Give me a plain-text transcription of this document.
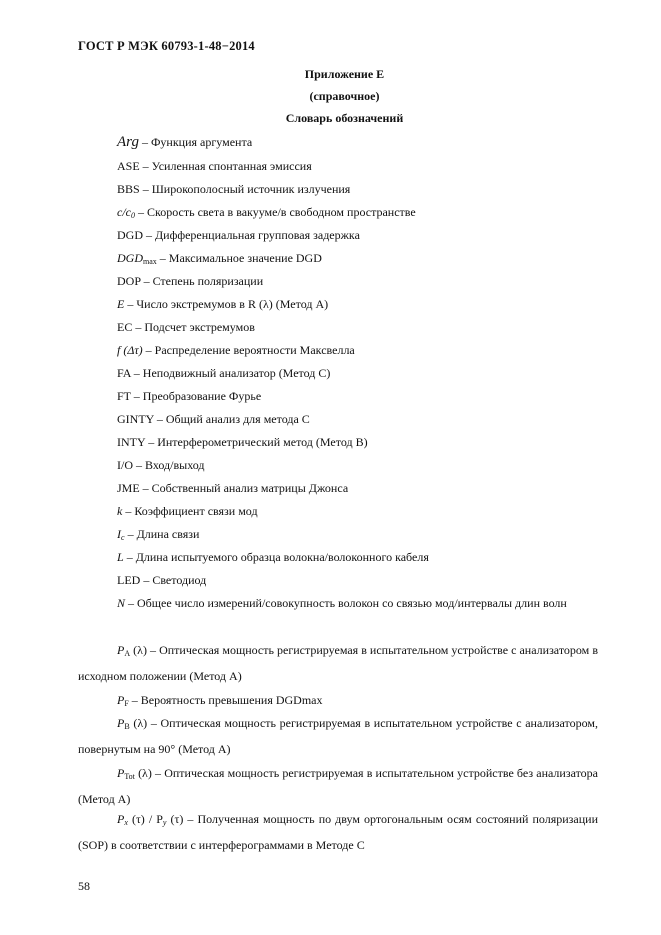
ГОСТ Р МЭК 60793-1-48−2014
Приложение Е
(справочное)
Словарь обозначений
Arg – Функция аргумента
ASE – Усиленная спонтанная эмиссия
BBS – Широкополосный источник излучения
$c/c_0$ – Скорость света в вакууме/в свободном пространстве
DGD – Дифференциальная групповая задержка
$DGD_{max}$ – Максимальное значение DGD
DOP – Степень поляризации
E – Число экстремумов в R (λ) (Метод А)
EC – Подсчет экстремумов
f (Δτ) – Распределение вероятности Максвелла
FA – Неподвижный анализатор (Метод С)
FT – Преобразование Фурье
GINTY – Общий анализ для метода С
INTY – Интерферометрический метод (Метод В)
I/O – Вход/выход
JME – Собственный анализ матрицы Джонса
k – Коэффициент связи мод
$I_c$ – Длина связи
L – Длина испытуемого образца волокна/волоконного кабеля
LED – Светодиод
N – Общее число измерений/совокупность волокон со связью мод/интервалы длин волн
$P_A$ (λ) – Оптическая мощность регистрируемая в испытательном устройстве с анализатором в исходном положении (Метод А)
$P_F$ – Вероятность превышения DGDmax
$P_B$ (λ) – Оптическая мощность регистрируемая в испытательном устройстве с анализатором, повернутым на 90° (Метод А)
$P_{Tot}$ (λ) – Оптическая мощность регистрируемая в испытательном устройстве без анализатора (Метод А)
$P_x$ $(\tau) / P_y$ (τ) – Полученная мощность по двум ортогональным осям состояний поляризации (SOP) в соответствии с интерферограммами в Методе С
58
